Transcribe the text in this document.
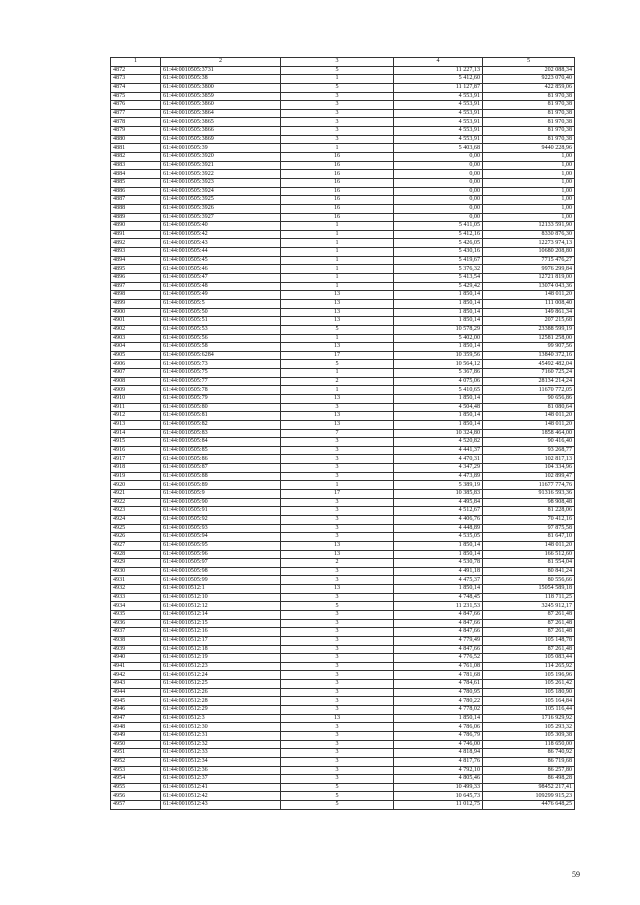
1	2	3	4	5
4872	61:44:0010505:3731	5	11 227,13	202 088,34
4873	61:44:0010505:38	1	5 412,60	9223 070,40
4874	61:44:0010505:3800	5	11 127,87	422 859,06
4875	61:44:0010505:3859	3	4 553,91	81 970,38
4876	61:44:0010505:3860	3	4 553,91	81 970,38
4877	61:44:0010505:3864	3	4 553,91	81 970,38
4878	61:44:0010505:3865	3	4 553,91	81 970,38
4879	61:44:0010505:3866	3	4 553,91	81 970,38
4880	61:44:0010505:3869	3	4 553,91	81 970,38
4881	61:44:0010505:39	1	5 403,68	9440 228,96
4882	61:44:0010505:3920	16	0,00	1,00
4883	61:44:0010505:3921	16	0,00	1,00
4884	61:44:0010505:3922	16	0,00	1,00
4885	61:44:0010505:3923	16	0,00	1,00
4886	61:44:0010505:3924	16	0,00	1,00
4887	61:44:0010505:3925	16	0,00	1,00
4888	61:44:0010505:3926	16	0,00	1,00
4889	61:44:0010505:3927	16	0,00	1,00
4890	61:44:0010505:40	1	5 411,05	12133 591,90
4891	61:44:0010505:42	1	5 412,16	8330 876,30
4892	61:44:0010505:43	1	5 426,05	12273 974,13
4893	61:44:0010505:44	1	5 430,16	10680 208,80
4894	61:44:0010505:45	1	5 419,67	7715 476,27
4895	61:44:0010505:46	1	5 376,32	9976 299,84
4896	61:44:0010505:47	1	5 413,54	12721 819,00
4897	61:44:0010505:48	1	5 429,42	13074 043,36
4898	61:44:0010505:49	13	1 850,14	148 011,20
4899	61:44:0010505:5	13	1 850,14	111 008,40
4900	61:44:0010505:50	13	1 850,14	149 861,34
4901	61:44:0010505:51	13	1 850,14	207 215,68
4902	61:44:0010505:53	5	10 578,29	23388 599,19
4903	61:44:0010505:56	1	5 402,00	12581 258,00
4904	61:44:0010505:58	13	1 850,14	99 907,56
4905	61:44:0010505:6284	17	10 359,56	13840 372,16
4906	61:44:0010505:73	5	10 564,12	45492 482,04
4907	61:44:0010505:75	1	5 367,86	7160 725,24
4908	61:44:0010505:77	2	4 075,06	28134 214,24
4909	61:44:0010505:78	1	5 410,65	11670 772,05
4910	61:44:0010505:79	13	1 850,14	90 656,86
4911	61:44:0010505:80	3	4 504,48	81 080,64
4912	61:44:0010505:81	13	1 850,14	148 011,20
4913	61:44:0010505:82	13	1 850,14	148 011,20
4914	61:44:0010505:83	7	10 324,80	1858 464,00
4915	61:44:0010505:84	3	4 520,82	90 416,40
4916	61:44:0010505:85	3	4 441,37	93 268,77
4917	61:44:0010505:86	3	4 470,31	102 817,13
4918	61:44:0010505:87	3	4 347,29	104 334,96
4919	61:44:0010505:88	3	4 473,89	102 899,47
4920	61:44:0010505:89	1	5 389,19	11677 774,76
4921	61:44:0010505:9	17	10 385,83	91316 593,36
4922	61:44:0010505:90	3	4 495,84	98 908,48
4923	61:44:0010505:91	3	4 512,67	81 228,06
4924	61:44:0010505:92	3	4 406,76	70 412,16
4925	61:44:0010505:93	3	4 448,89	97 875,58
4926	61:44:0010505:94	3	4 535,05	81 647,10
4927	61:44:0010505:95	13	1 850,14	148 011,20
4928	61:44:0010505:96	13	1 850,14	166 512,60
4929	61:44:0010505:97	2	4 530,78	81 554,04
4930	61:44:0010505:98	3	4 491,18	80 841,24
4931	61:44:0010505:99	3	4 475,37	80 556,66
4932	61:44:0010512:1	13	1 850,14	15054 589,18
4933	61:44:0010512:10	3	4 748,45	118 711,25
4934	61:44:0010512:12	5	11 231,53	3245 912,17
4935	61:44:0010512:14	3	4 847,66	87 261,48
4936	61:44:0010512:15	3	4 847,66	87 261,48
4937	61:44:0010512:16	3	4 847,66	87 261,48
4938	61:44:0010512:17	3	4 779,49	105 148,78
4939	61:44:0010512:18	3	4 847,66	87 261,48
4940	61:44:0010512:19	3	4 776,52	105 083,44
4941	61:44:0010512:23	3	4 761,08	114 265,92
4942	61:44:0010512:24	3	4 781,68	105 196,96
4943	61:44:0010512:25	3	4 784,61	105 261,42
4944	61:44:0010512:26	3	4 780,95	105 180,90
4945	61:44:0010512:28	3	4 780,22	105 164,84
4946	61:44:0010512:29	3	4 778,02	105 116,44
4947	61:44:0010512:3	13	1 850,14	1716 929,92
4948	61:44:0010512:30	3	4 786,06	105 293,32
4949	61:44:0010512:31	3	4 786,79	105 309,38
4950	61:44:0010512:32	3	4 746,00	118 650,00
4951	61:44:0010512:33	3	4 818,94	86 740,92
4952	61:44:0010512:34	3	4 817,76	86 719,68
4953	61:44:0010512:36	3	4 792,10	86 257,80
4954	61:44:0010512:37	3	4 805,46	86 498,28
4955	61:44:0010512:41	5	10 499,33	98452 217,41
4956	61:44:0010512:42	5	10 645,73	109299 915,23
4957	61:44:0010512:43	5	11 012,75	4476 648,25
59
